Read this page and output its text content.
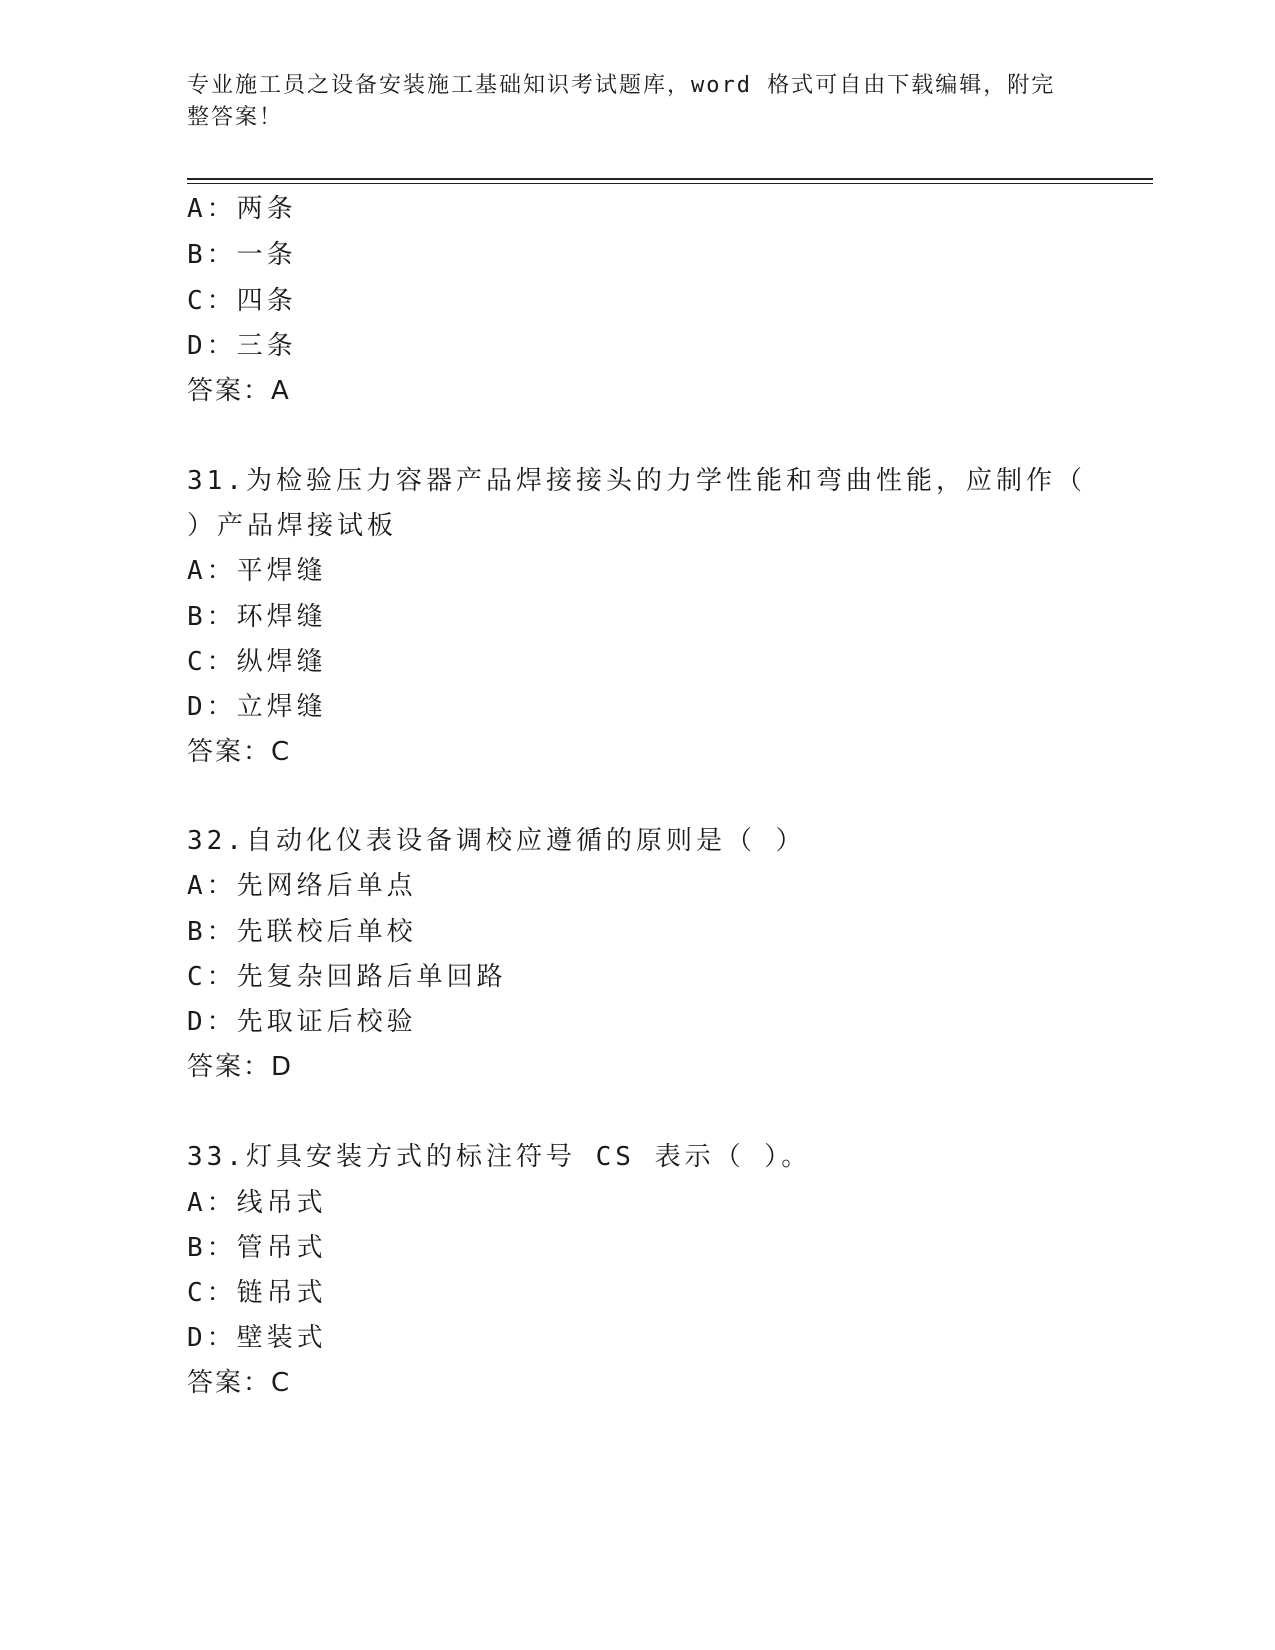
专业施工员之设备安装施工基础知识考试题库，word 格式可自由下载编辑，附完
整答案！
A：两条
B：一条
C：四条
D：三条
答案：A
31.为检验压力容器产品焊接接头的力学性能和弯曲性能，应制作（
）产品焊接试板
A：平焊缝
B：环焊缝
C：纵焊缝
D：立焊缝
答案：C
32.自动化仪表设备调校应遵循的原则是（ ）
A：先网络后单点
B：先联校后单校
C：先复杂回路后单回路
D：先取证后校验
答案：D
33.灯具安装方式的标注符号 CS 表示（ ）。
A：线吊式
B：管吊式
C：链吊式
D：壁装式
答案：C
